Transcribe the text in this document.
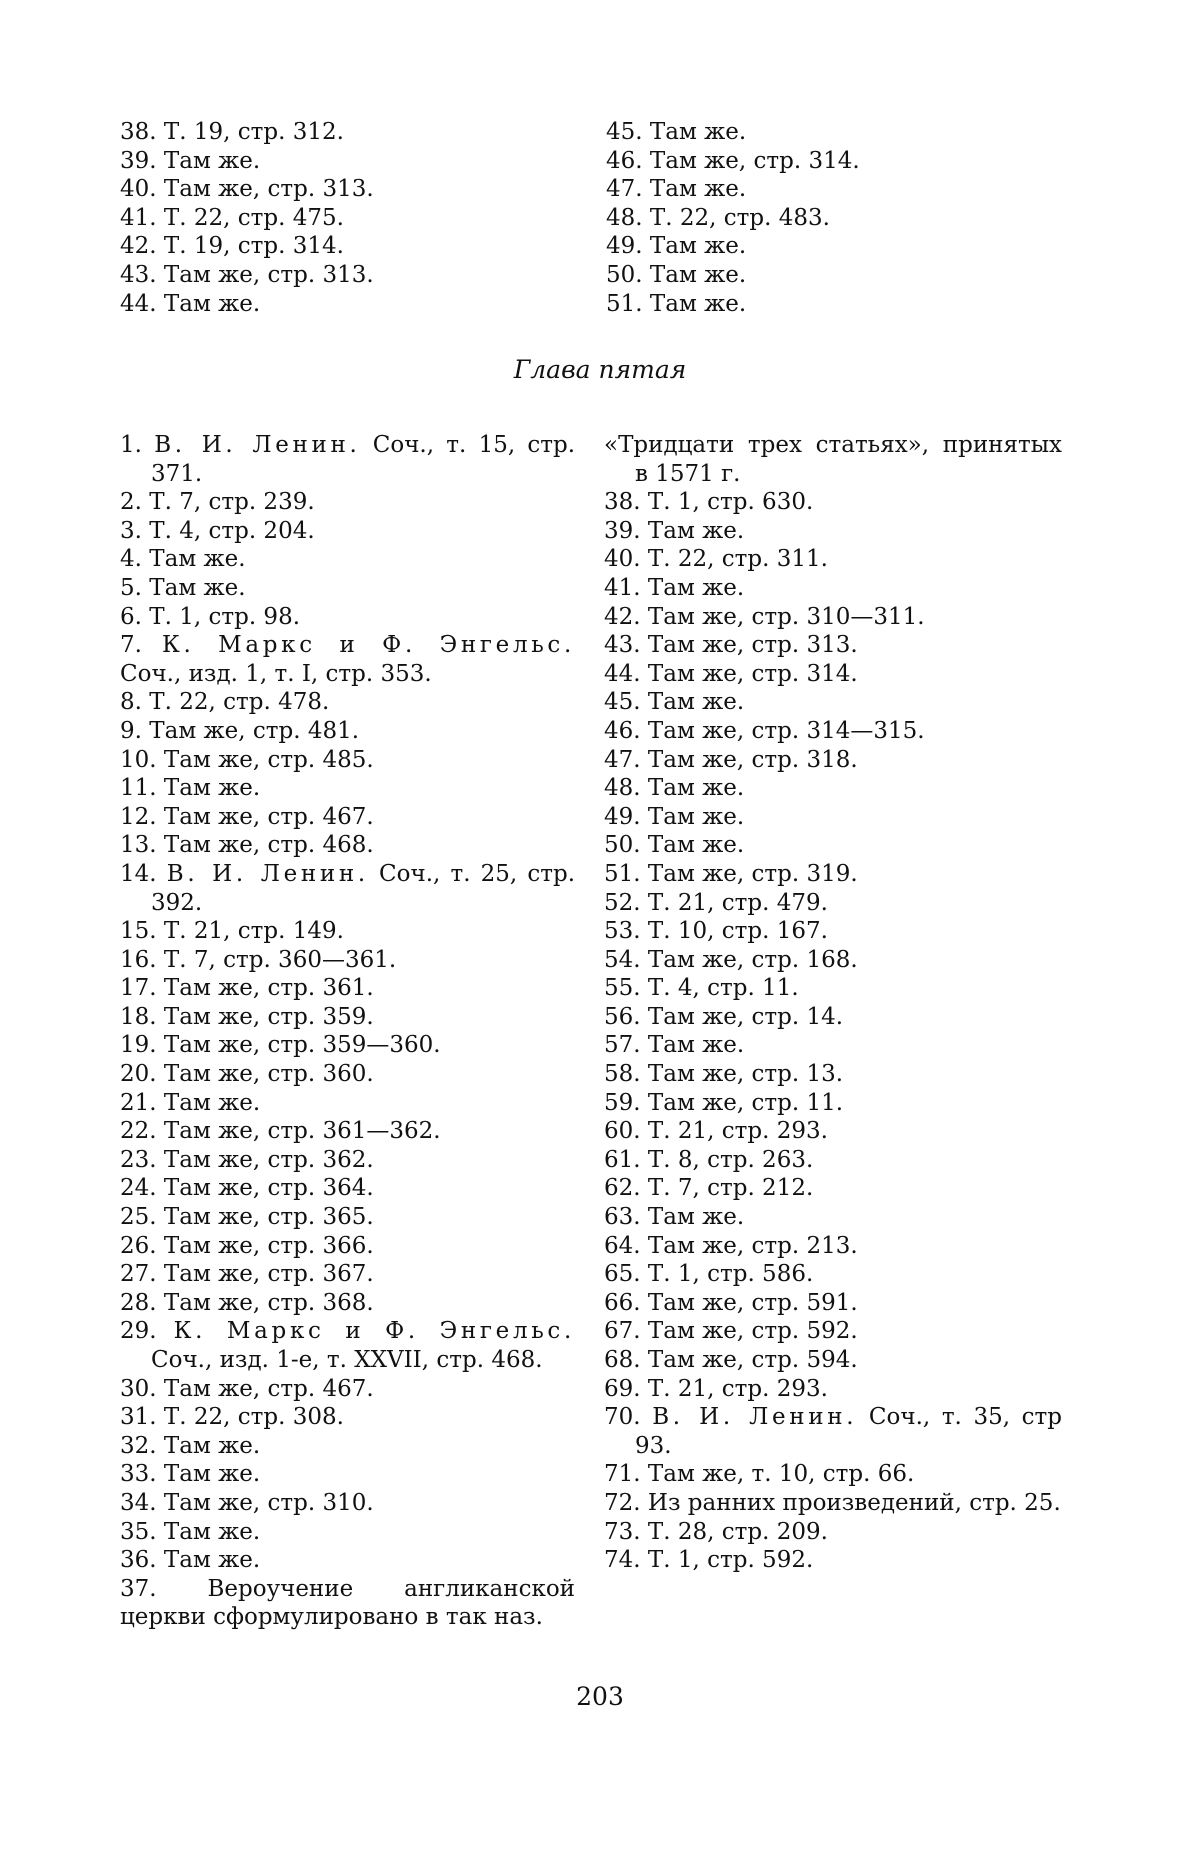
38. Т. 19, стр. 312.
39. Там же.
40. Там же, стр. 313.
41. Т. 22, стр. 475.
42. Т. 19, стр. 314.
43. Там же, стр. 313.
44. Там же.
45. Там же.
46. Там же, стр. 314.
47. Там же.
48. Т. 22, стр. 483.
49. Там же.
50. Там же.
51. Там же.
Глава пятая
1. В. И. Ленин. Соч., т. 15, стр. 371.
2. Т. 7, стр. 239.
3. Т. 4, стр. 204.
4. Там же.
5. Там же.
6. Т. 1, стр. 98.
7. К. Маркс и Ф. Энгельс. Соч., изд. 1, т. I, стр. 353.
8. Т. 22, стр. 478.
9. Там же, стр. 481.
10. Там же, стр. 485.
11. Там же.
12. Там же, стр. 467.
13. Там же, стр. 468.
14. В. И. Ленин. Соч., т. 25, стр. 392.
15. Т. 21, стр. 149.
16. Т. 7, стр. 360—361.
17. Там же, стр. 361.
18. Там же, стр. 359.
19. Там же, стр. 359—360.
20. Там же, стр. 360.
21. Там же.
22. Там же, стр. 361—362.
23. Там же, стр. 362.
24. Там же, стр. 364.
25. Там же, стр. 365.
26. Там же, стр. 366.
27. Там же, стр. 367.
28. Там же, стр. 368.
29. К. Маркс и Ф. Энгельс. Соч., изд. 1-е, т. XXVII, стр. 468.
30. Там же, стр. 467.
31. Т. 22, стр. 308.
32. Там же.
33. Там же.
34. Там же, стр. 310.
35. Там же.
36. Там же.
37. Вероучение англиканской церкви сформулировано в так наз.
«Тридцати трех статьях», принятых в 1571 г.
38. Т. 1, стр. 630.
39. Там же.
40. Т. 22, стр. 311.
41. Там же.
42. Там же, стр. 310—311.
43. Там же, стр. 313.
44. Там же, стр. 314.
45. Там же.
46. Там же, стр. 314—315.
47. Там же, стр. 318.
48. Там же.
49. Там же.
50. Там же.
51. Там же, стр. 319.
52. Т. 21, стр. 479.
53. Т. 10, стр. 167.
54. Там же, стр. 168.
55. Т. 4, стр. 11.
56. Там же, стр. 14.
57. Там же.
58. Там же, стр. 13.
59. Там же, стр. 11.
60. Т. 21, стр. 293.
61. Т. 8, стр. 263.
62. Т. 7, стр. 212.
63. Там же.
64. Там же, стр. 213.
65. Т. 1, стр. 586.
66. Там же, стр. 591.
67. Там же, стр. 592.
68. Там же, стр. 594.
69. Т. 21, стр. 293.
70. В. И. Ленин. Соч., т. 35, стр 93.
71. Там же, т. 10, стр. 66.
72. Из ранних произведений, стр. 25.
73. Т. 28, стр. 209.
74. Т. 1, стр. 592.
203
